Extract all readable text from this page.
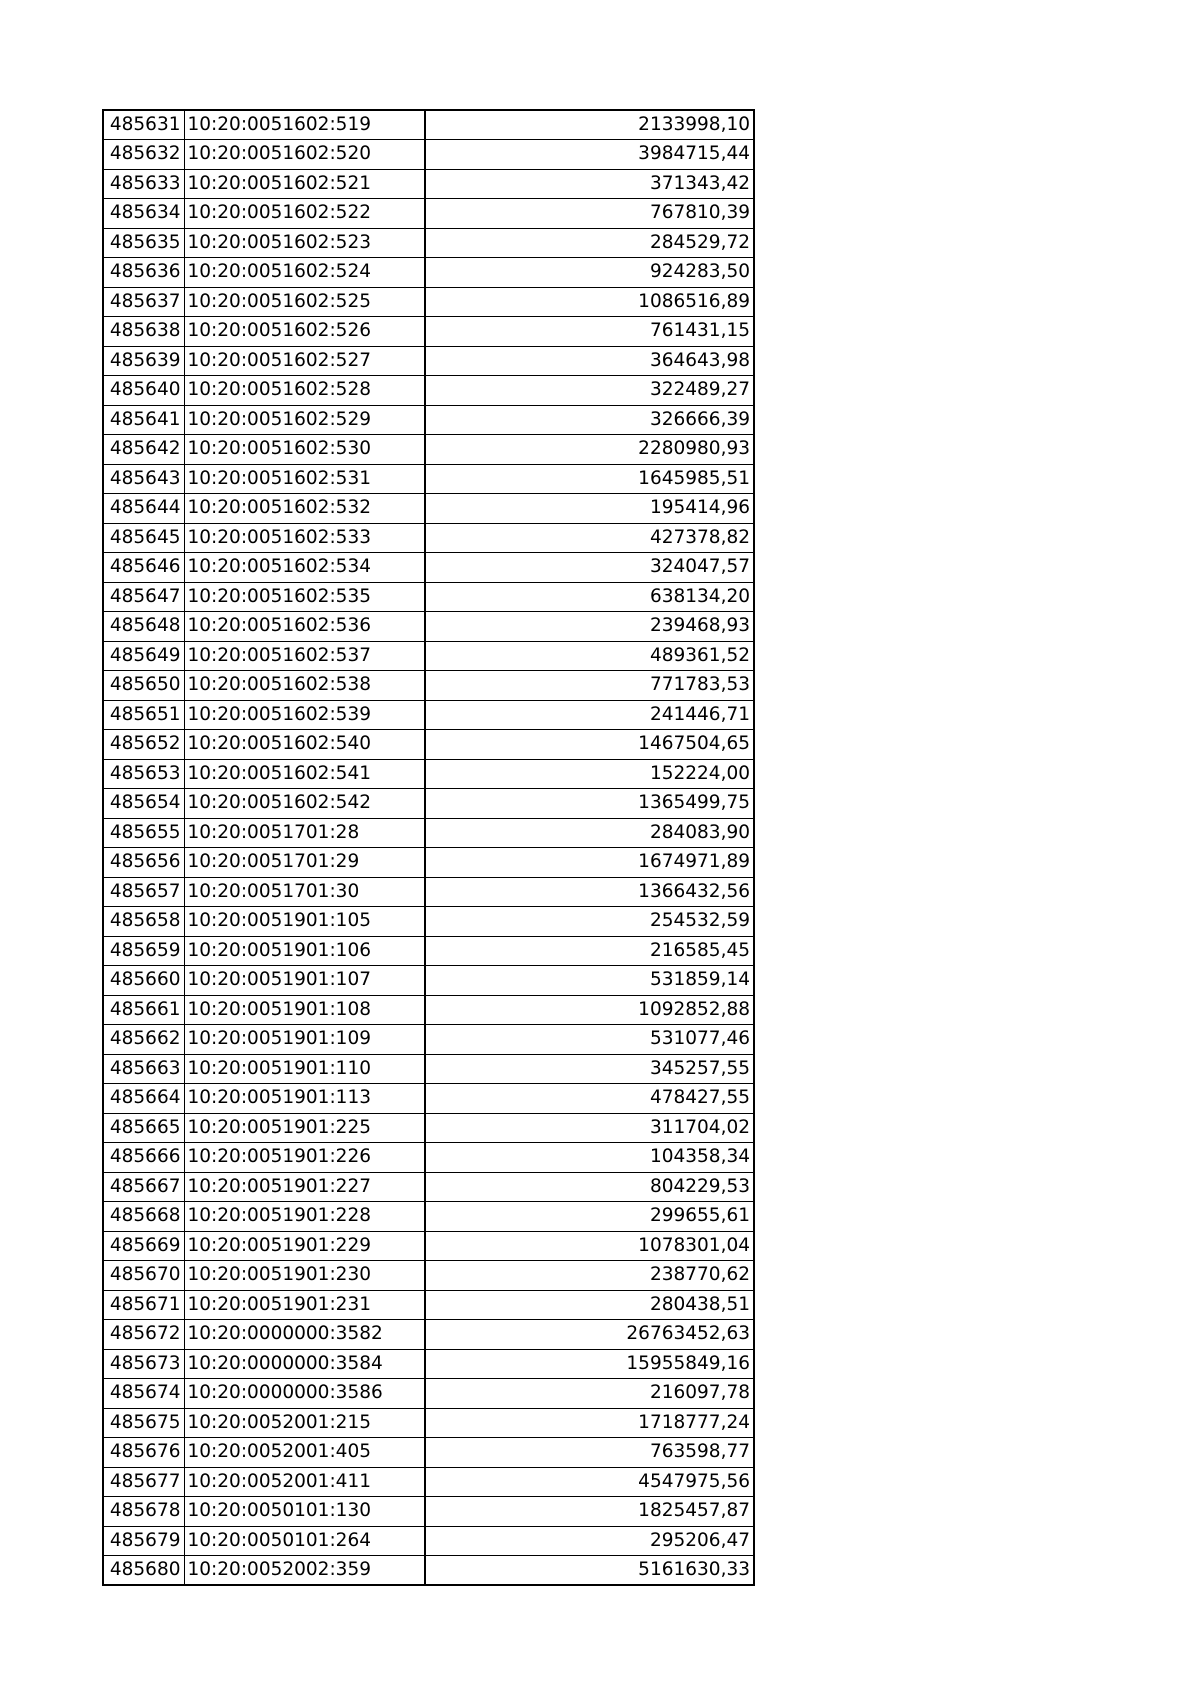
485631	10:20:0051602:519	2133998,10
485632	10:20:0051602:520	3984715,44
485633	10:20:0051602:521	371343,42
485634	10:20:0051602:522	767810,39
485635	10:20:0051602:523	284529,72
485636	10:20:0051602:524	924283,50
485637	10:20:0051602:525	1086516,89
485638	10:20:0051602:526	761431,15
485639	10:20:0051602:527	364643,98
485640	10:20:0051602:528	322489,27
485641	10:20:0051602:529	326666,39
485642	10:20:0051602:530	2280980,93
485643	10:20:0051602:531	1645985,51
485644	10:20:0051602:532	195414,96
485645	10:20:0051602:533	427378,82
485646	10:20:0051602:534	324047,57
485647	10:20:0051602:535	638134,20
485648	10:20:0051602:536	239468,93
485649	10:20:0051602:537	489361,52
485650	10:20:0051602:538	771783,53
485651	10:20:0051602:539	241446,71
485652	10:20:0051602:540	1467504,65
485653	10:20:0051602:541	152224,00
485654	10:20:0051602:542	1365499,75
485655	10:20:0051701:28	284083,90
485656	10:20:0051701:29	1674971,89
485657	10:20:0051701:30	1366432,56
485658	10:20:0051901:105	254532,59
485659	10:20:0051901:106	216585,45
485660	10:20:0051901:107	531859,14
485661	10:20:0051901:108	1092852,88
485662	10:20:0051901:109	531077,46
485663	10:20:0051901:110	345257,55
485664	10:20:0051901:113	478427,55
485665	10:20:0051901:225	311704,02
485666	10:20:0051901:226	104358,34
485667	10:20:0051901:227	804229,53
485668	10:20:0051901:228	299655,61
485669	10:20:0051901:229	1078301,04
485670	10:20:0051901:230	238770,62
485671	10:20:0051901:231	280438,51
485672	10:20:0000000:3582	26763452,63
485673	10:20:0000000:3584	15955849,16
485674	10:20:0000000:3586	216097,78
485675	10:20:0052001:215	1718777,24
485676	10:20:0052001:405	763598,77
485677	10:20:0052001:411	4547975,56
485678	10:20:0050101:130	1825457,87
485679	10:20:0050101:264	295206,47
485680	10:20:0052002:359	5161630,33
